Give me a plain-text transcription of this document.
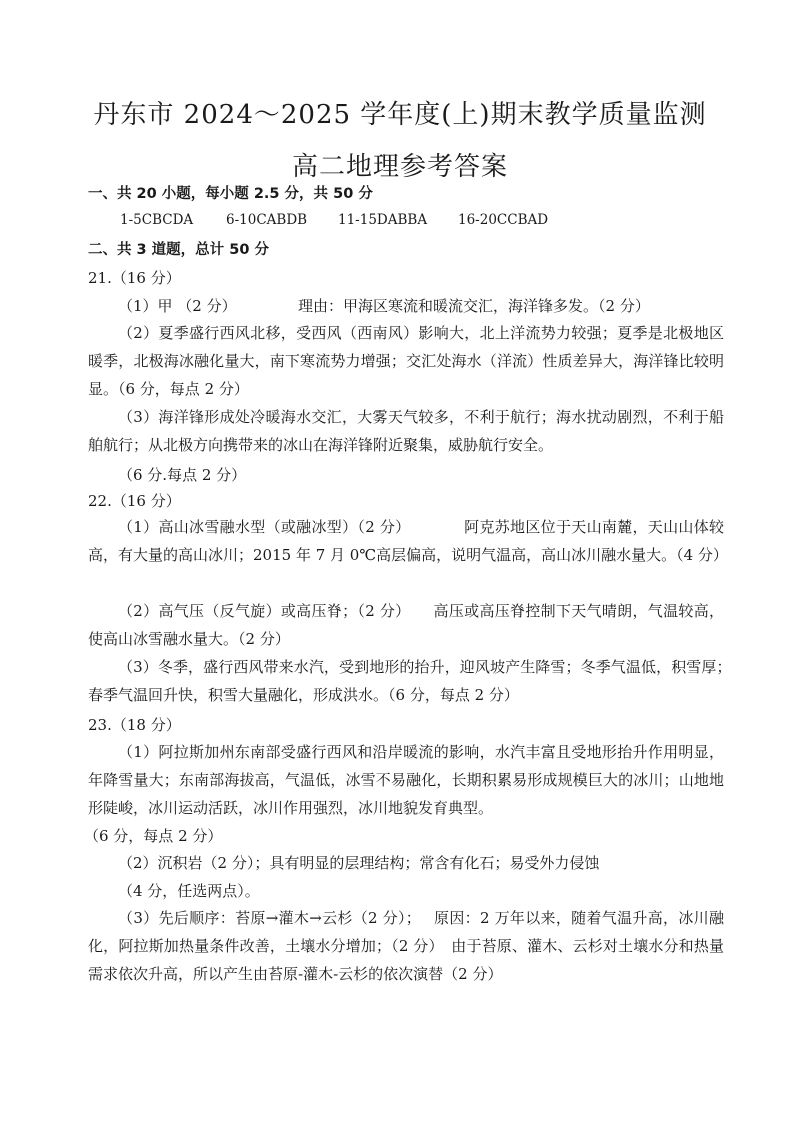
丹东市 2024～2025 学年度(上)期末教学质量监测
高二地理参考答案
一、共 20 小题，每小题 2.5 分，共 50 分
1-5CBCDA 6-10CABDB 11-15DABBA 16-20CCBAD
二、共 3 道题，总计 50 分
21.（16 分）
（1）甲 （2 分）	理由：甲海区寒流和暖流交汇，海洋锋多发。（2 分）
（2）夏季盛行西风北移，受西风（西南风）影响大，北上洋流势力较强；夏季是北极地区暖季，北极海冰融化量大，南下寒流势力增强；交汇处海水（洋流）性质差异大，海洋锋比较明显。（6 分，每点 2 分）
（3）海洋锋形成处冷暖海水交汇，大雾天气较多，不利于航行；海水扰动剧烈，不利于船舶航行；从北极方向携带来的冰山在海洋锋附近聚集，威胁航行安全。
（6 分.每点 2 分）
22.（16 分）
（1）高山冰雪融水型（或融冰型）（2 分）　　　　阿克苏地区位于天山南麓，天山山体较高，有大量的高山冰川；2015 年 7 月 0℃高层偏高，说明气温高，高山冰川融水量大。（4 分）
（2）高气压（反气旋）或高压脊；（2 分）　　高压或高压脊控制下天气晴朗，气温较高，使高山冰雪融水量大。（2 分）
（3）冬季，盛行西风带来水汽，受到地形的抬升，迎风坡产生降雪；冬季气温低，积雪厚；　春季气温回升快，积雪大量融化，形成洪水。（6 分，每点 2 分）
23.（18 分）
（1）阿拉斯加州东南部受盛行西风和沿岸暖流的影响，水汽丰富且受地形抬升作用明显，年降雪量大；东南部海拔高，气温低，冰雪不易融化，长期积累易形成规模巨大的冰川；山地地形陡峻，冰川运动活跃，冰川作用强烈，冰川地貌发育典型。
（6 分，每点 2 分）
（2）沉积岩（2 分）；具有明显的层理结构；常含有化石；易受外力侵蚀
（4 分，任选两点）。
（3）先后顺序：苔原→灌木→云杉（2 分）；　 原因：2 万年以来，随着气温升高，冰川融化，阿拉斯加热量条件改善，土壤水分增加；（2 分）　由于苔原、灌木、云杉对土壤水分和热量需求依次升高，所以产生由苔原-灌木-云杉的依次演替（2 分）
